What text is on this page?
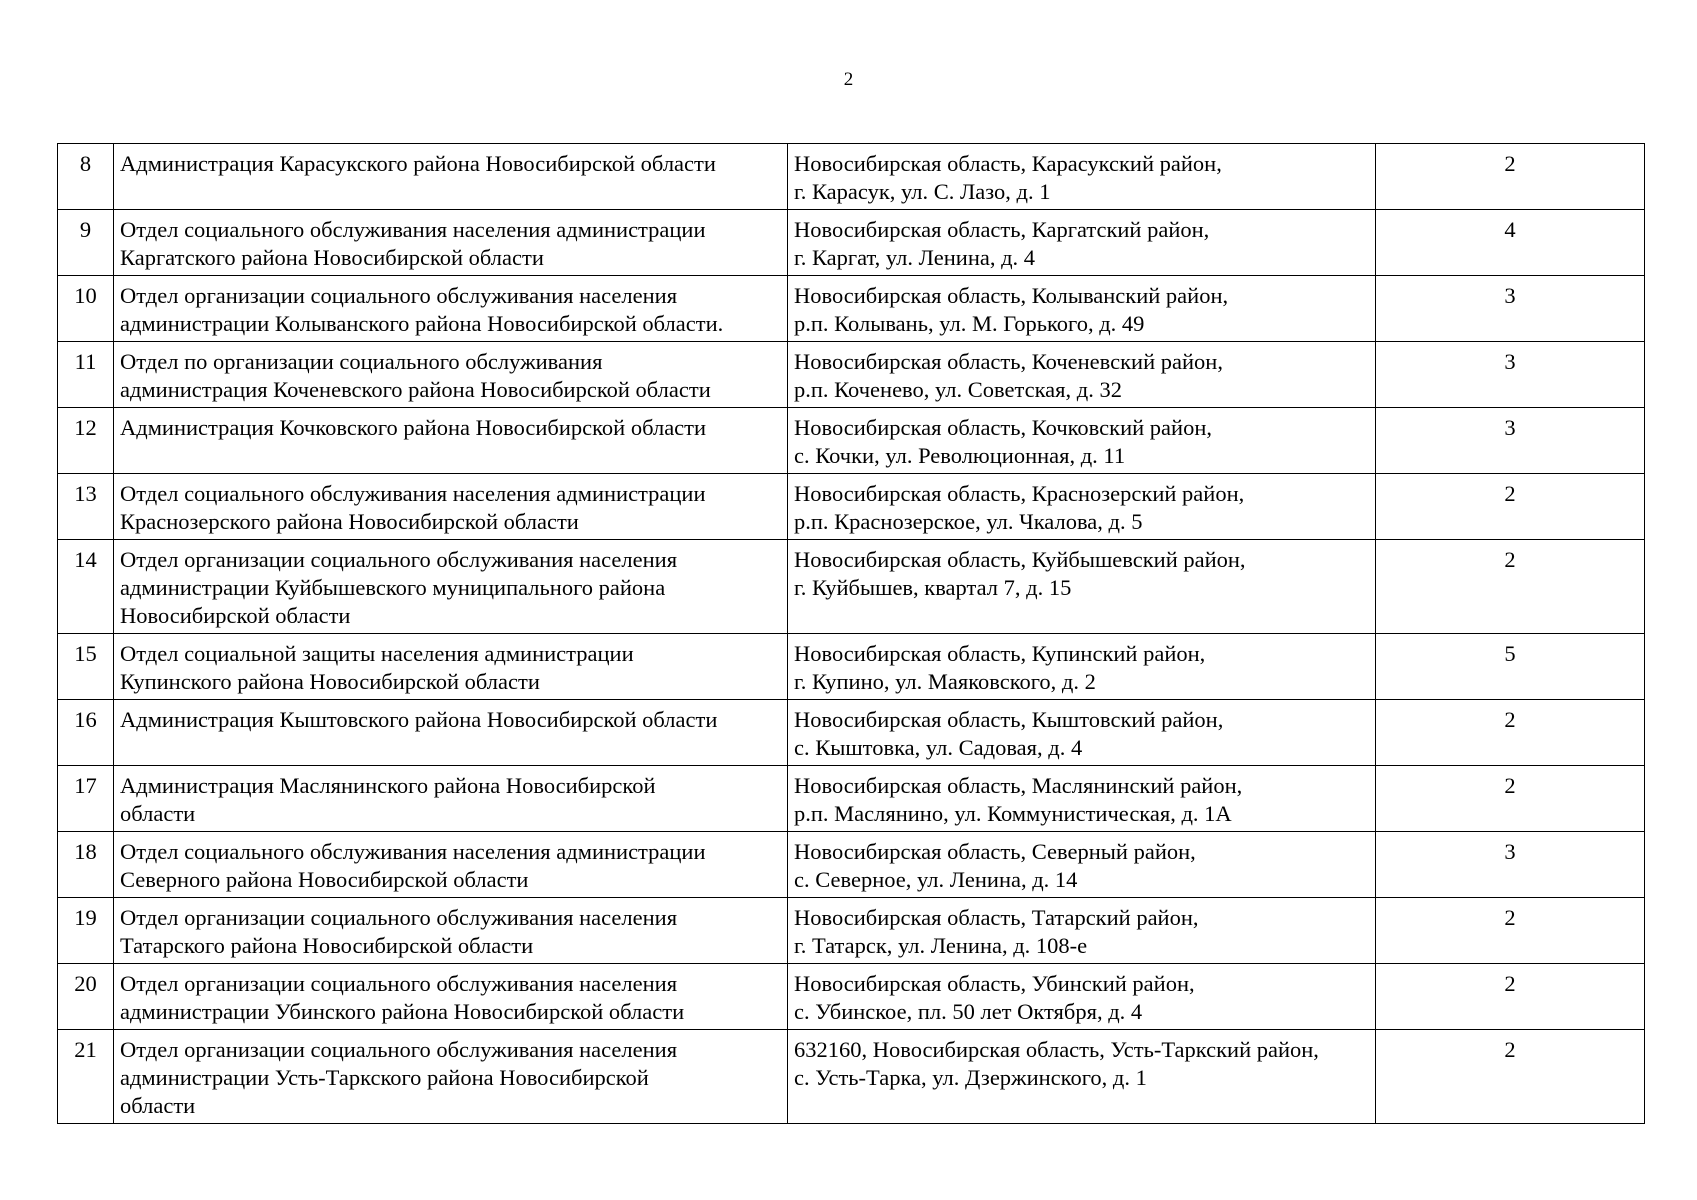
2
8	Администрация Карасукского района Новосибирской области	Новосибирская область, Карасукский район,
г. Карасук, ул. С. Лазо, д. 1	2
9	Отдел социального обслуживания населения администрации
Каргатского района Новосибирской области	Новосибирская область, Каргатский район,
г. Каргат, ул. Ленина, д. 4	4
10	Отдел организации социального обслуживания населения
администрации Колыванского района Новосибирской области.	Новосибирская область, Колыванский район,
р.п. Колывань, ул. М. Горького, д. 49	3
11	Отдел по организации социального обслуживания
администрация Коченевского района Новосибирской области	Новосибирская область, Коченевский район,
р.п. Коченево, ул. Советская, д. 32	3
12	Администрация Кочковского района Новосибирской области	Новосибирская область, Кочковский район,
с. Кочки, ул. Революционная, д. 11	3
13	Отдел социального обслуживания населения администрации
Краснозерского района Новосибирской области	Новосибирская область, Краснозерский район,
р.п. Краснозерское, ул. Чкалова, д. 5	2
14	Отдел организации социального обслуживания населения
администрации Куйбышевского муниципального района
Новосибирской области	Новосибирская область, Куйбышевский район,
г. Куйбышев, квартал 7, д. 15	2
15	Отдел социальной защиты населения администрации
Купинского района Новосибирской области	Новосибирская область, Купинский район,
г. Купино, ул. Маяковского, д. 2	5
16	Администрация Кыштовского района Новосибирской области	Новосибирская область, Кыштовский район,
с. Кыштовка, ул. Садовая, д. 4	2
17	Администрация Маслянинского района Новосибирской
области	Новосибирская область, Маслянинский район,
р.п. Маслянино, ул. Коммунистическая, д. 1А	2
18	Отдел социального обслуживания населения администрации
Северного района Новосибирской области	Новосибирская область, Северный район,
с. Северное, ул. Ленина, д. 14	3
19	Отдел организации социального обслуживания населения
Татарского района Новосибирской области	Новосибирская область, Татарский район,
г. Татарск, ул. Ленина, д. 108-е	2
20	Отдел организации социального обслуживания населения
администрации Убинского района Новосибирской области	Новосибирская область, Убинский район,
с. Убинское, пл. 50 лет Октября, д. 4	2
21	Отдел организации социального обслуживания населения
администрации Усть-Таркского района Новосибирской
области	632160, Новосибирская область, Усть-Таркский район,
с. Усть-Тарка, ул. Дзержинского, д. 1	2
